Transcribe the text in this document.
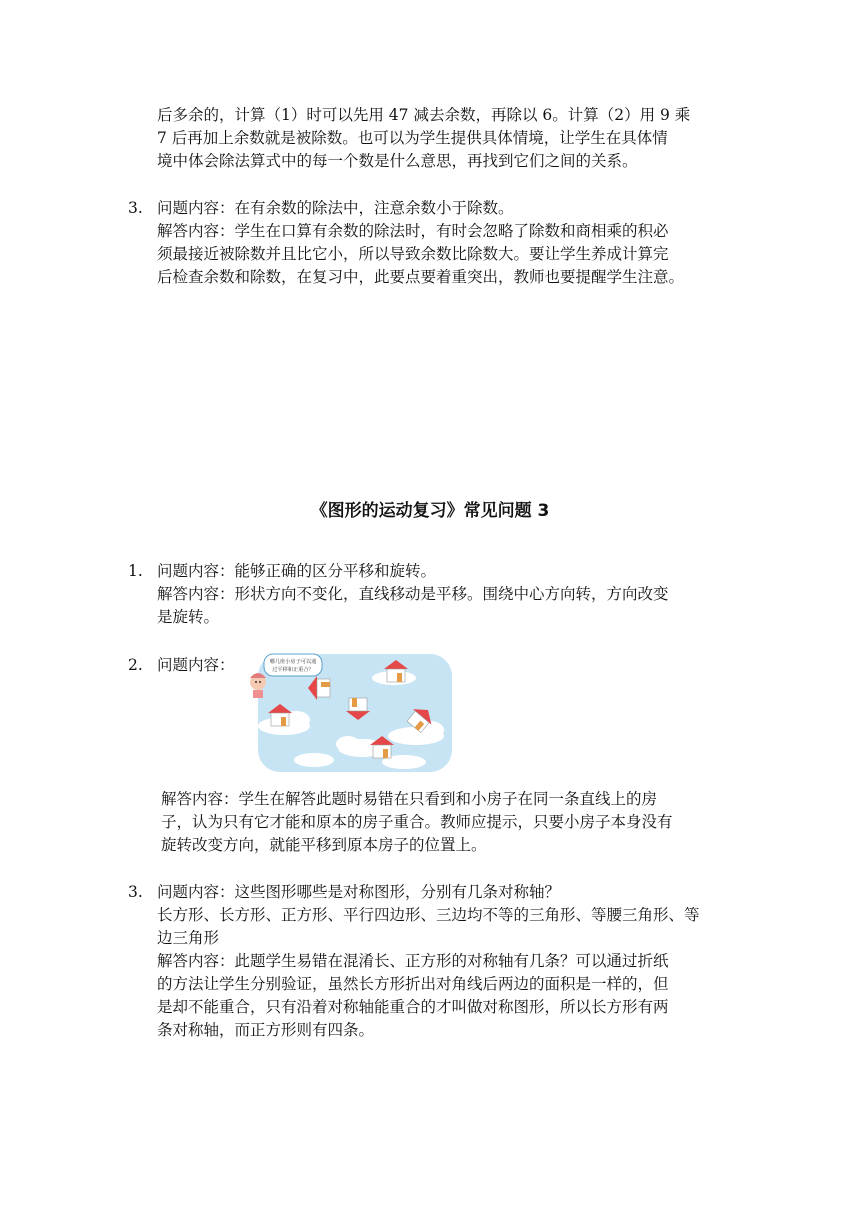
后多余的，计算（1）时可以先用 47 减去余数，再除以 6。计算（2）用 9 乘

7 后再加上余数就是被除数。也可以为学生提供具体情境，让学生在具体情

境中体会除法算式中的每一个数是什么意思，再找到它们之间的关系。

3. 问题内容：在有余数的除法中，注意余数小于除数。

解答内容：学生在口算有余数的除法时，有时会忽略了除数和商相乘的积必

须最接近被除数并且比它小，所以导致余数比除数大。要让学生养成计算完

后检查余数和除数，在复习中，此要点要着重突出，教师也要提醒学生注意。

《图形的运动复习》常见问题 3
1. 问题内容：能够正确的区分平移和旋转。

解答内容：形状方向不变化，直线移动是平移。围绕中心方向转，方向改变

是旋转。

2. 问题内容：	哪几座小房子可以通
过平移和正重合？

解答内容：学生在解答此题时易错在只看到和小房子在同一条直线上的房

子，认为只有它才能和原本的房子重合。教师应提示，只要小房子本身没有

旋转改变方向，就能平移到原本房子的位置上。

3. 问题内容：这些图形哪些是对称图形，分别有几条对称轴？

长方形、长方形、正方形、平行四边形、三边均不等的三角形、等腰三角形、等

边三角形

解答内容：此题学生易错在混淆长、正方形的对称轴有几条？可以通过折纸

的方法让学生分别验证，虽然长方形折出对角线后两边的面积是一样的，但

是却不能重合，只有沿着对称轴能重合的才叫做对称图形，所以长方形有两

条对称轴，而正方形则有四条。
